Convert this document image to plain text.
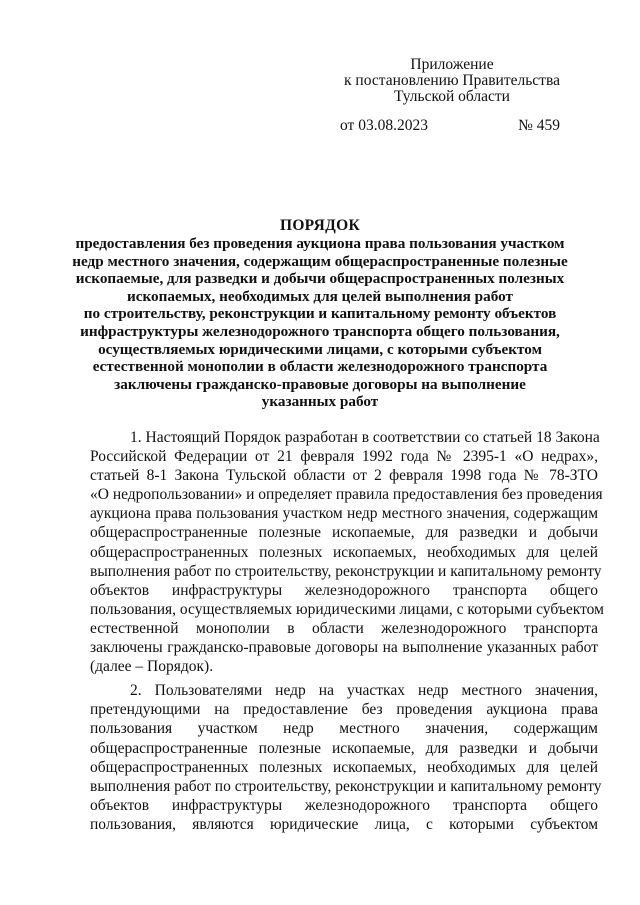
Приложение
к постановлению Правительства
Тульской области
от 03.08.2023	№ 459
ПОРЯДОК
предоставления без проведения аукциона права пользования участком
недр местного значения, содержащим общераспространенные полезные
ископаемые, для разведки и добычи общераспространенных полезных
ископаемых, необходимых для целей выполнения работ
по строительству, реконструкции и капитальному ремонту объектов
инфраструктуры железнодорожного транспорта общего пользования,
осуществляемых юридическими лицами, с которыми субъектом
естественной монополии в области железнодорожного транспорта
заключены гражданско-правовые договоры на выполнение
указанных работ
1. Настоящий Порядок разработан в соответствии со статьей 18 Закона
Российской Федерации от 21 февраля 1992 года № 2395-1 «О недрах»,
статьей 8-1 Закона Тульской области от 2 февраля 1998 года № 78-ЗТО
«О недропользовании» и определяет правила предоставления без проведения
аукциона права пользования участком недр местного значения, содержащим
общераспространенные полезные ископаемые, для разведки и добычи
общераспространенных полезных ископаемых, необходимых для целей
выполнения работ по строительству, реконструкции и капитальному ремонту
объектов инфраструктуры железнодорожного транспорта общего
пользования, осуществляемых юридическими лицами, с которыми субъектом
естественной монополии в области железнодорожного транспорта
заключены гражданско-правовые договоры на выполнение указанных работ
(далее – Порядок).
2. Пользователями недр на участках недр местного значения,
претендующими на предоставление без проведения аукциона права
пользования участком недр местного значения, содержащим
общераспространенные полезные ископаемые, для разведки и добычи
общераспространенных полезных ископаемых, необходимых для целей
выполнения работ по строительству, реконструкции и капитальному ремонту
объектов инфраструктуры железнодорожного транспорта общего
пользования, являются юридические лица, с которыми субъектом
